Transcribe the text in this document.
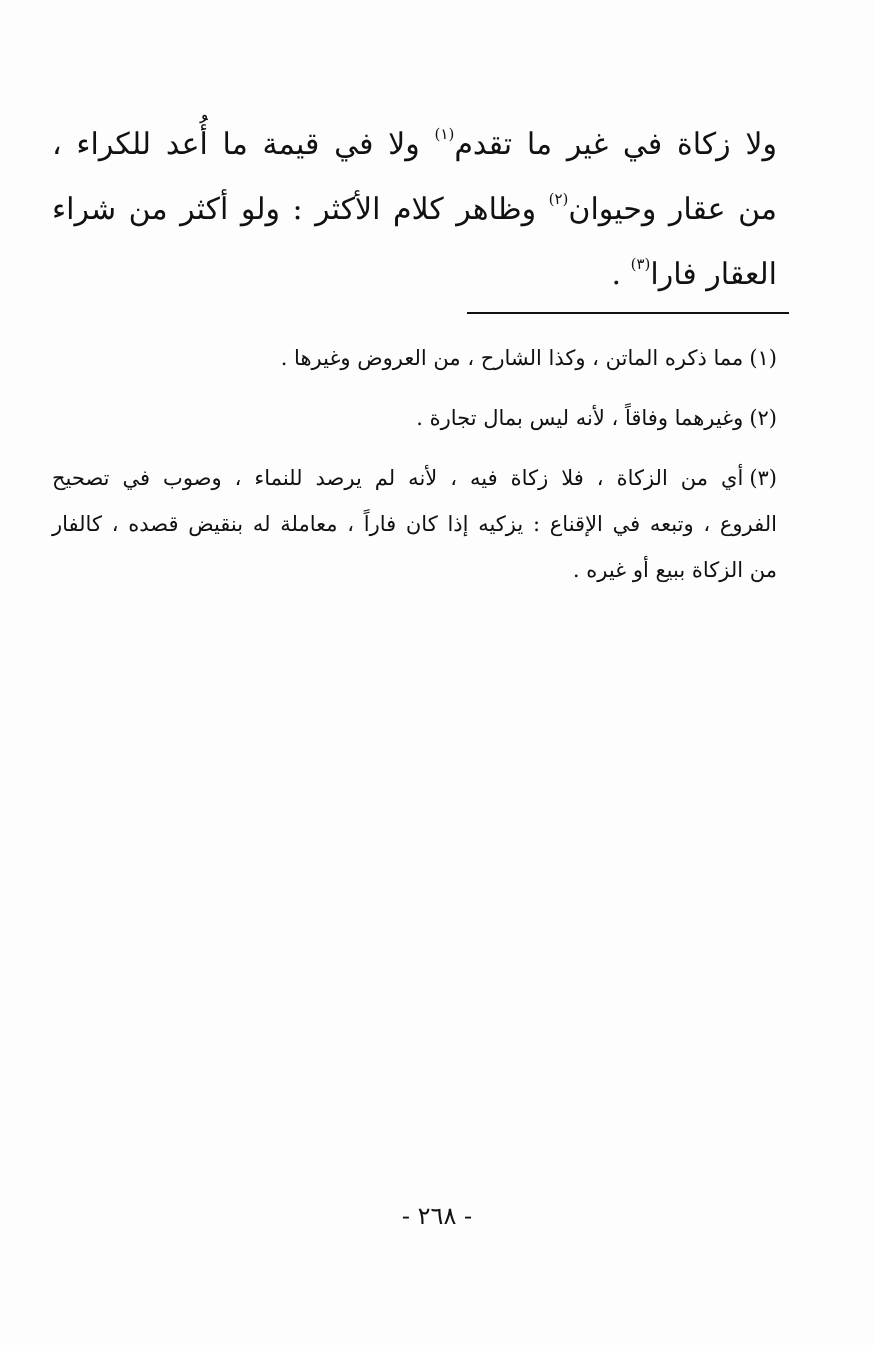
ولا زكاة في غير ما تقدم$^{(١)}$ ولا في قيمة ما أُعد للكراء ،
من عقار وحيوان$^{(٢)}$ وظاهر كلام الأكثر : ولو أكثر من شراء
العقار فارا$^{(٣)}$ .
(١)مما ذكره الماتن ، وكذا الشارح ، من العروض وغيرها .
(٢)وغيرهما وفاقاً ، لأنه ليس بمال تجارة .
(٣)أي من الزكاة ، فلا زكاة فيه ، لأنه لم يرصد للنماء ، وصوب في تصحيح
الفروع ، وتبعه في الإقناع : يزكيه إذا كان فاراً ، معاملة له بنقيض قصده ، كالفار
من الزكاة ببيع أو غيره .
- ٢٦٨ -
